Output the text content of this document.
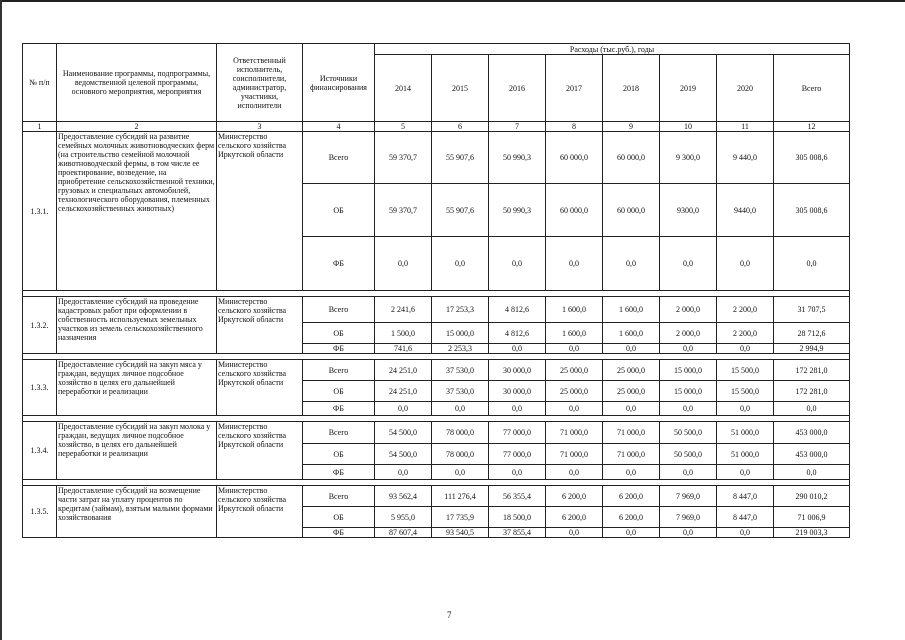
№ п/п	Наименование программы, подпрограммы, ведомственной целевой программы, основного мероприятия, мероприятия	Ответственный исполнитель, соисполнители, администратор, участники, исполнители	Источники финансирования	Расходы (тыс.руб.), годы							
				2014	2015	2016	2017	2018	2019	2020	Всего
1	2	3	4	5	6	7	8	9	10	11	12
1.3.1.	Предоставление субсидий на развитие семейных молочных животноводческих ферм (на строительство семейной молочной животноводческой фермы, в том числе ее проектирование, возведение, на приобретение сельскохозяйственной техники, грузовых и специальных автомобилей, технологического оборудования, племенных сельскохозяйственных животных)	Министерство сельского хозяйства Иркутской области	Всего	59 370,7	55 907,6	50 990,3	60 000,0	60 000,0	9 300,0	9 440,0	305 008,6
			ОБ	59 370,7	55 907,6	50 990,3	60 000,0	60 000,0	9300,0	9440,0	305 008,6
			ФБ	0,0	0,0	0,0	0,0	0,0	0,0	0,0	0,0

1.3.2.	Предоставление субсидий на проведение кадастровых работ при оформлении в собственность используемых земельных участков из земель сельскохозяйственного назначения	Министерство сельского хозяйства Иркутской области	Всего	2 241,6	17 253,3	4 812,6	1 600,0	1 600,0	2 000,0	2 200,0	31 707,5
			ОБ	1 500,0	15 000,0	4 812,6	1 600,0	1 600,0	2 000,0	2 200,0	28 712,6
			ФБ	741,6	2 253,3	0,0	0,0	0,0	0,0	0,0	2 994,9

1.3.3.	Предоставление субсидий на закуп мяса у граждан, ведущих личное подсобное хозяйство в целях его дальнейшей переработки и реализации	Министерство сельского хозяйства Иркутской области	Всего	24 251,0	37 530,0	30 000,0	25 000,0	25 000,0	15 000,0	15 500,0	172 281,0
			ОБ	24 251,0	37 530,0	30 000,0	25 000,0	25 000,0	15 000,0	15 500,0	172 281,0
			ФБ	0,0	0,0	0,0	0,0	0,0	0,0	0,0	0,0

1.3.4.	Предоставление субсидий на закуп молока у граждан, ведущих личное подсобное хозяйство, в целях его дальнейшей переработки и реализации	Министерство сельского хозяйства Иркутской области	Всего	54 500,0	78 000,0	77 000,0	71 000,0	71 000,0	50 500,0	51 000,0	453 000,0
			ОБ	54 500,0	78 000,0	77 000,0	71 000,0	71 000,0	50 500,0	51 000,0	453 000,0
			ФБ	0,0	0,0	0,0	0,0	0,0	0,0	0,0	0,0

1.3.5.	Предоставление субсидий на возмещение части затрат на уплату процентов по кредитам (займам), взятым малыми формами хозяйствования	Министерство сельского хозяйства Иркутской области	Всего	93 562,4	111 276,4	56 355,4	6 200,0	6 200,0	7 969,0	8 447,0	290 010,2
			ОБ	5 955,0	17 735,9	18 500,0	6 200,0	6 200,0	7 969,0	8 447,0	71 006,9
			ФБ	87 607,4	93 540,5	37 855,4	0,0	0,0	0,0	0,0	219 003,3
7
